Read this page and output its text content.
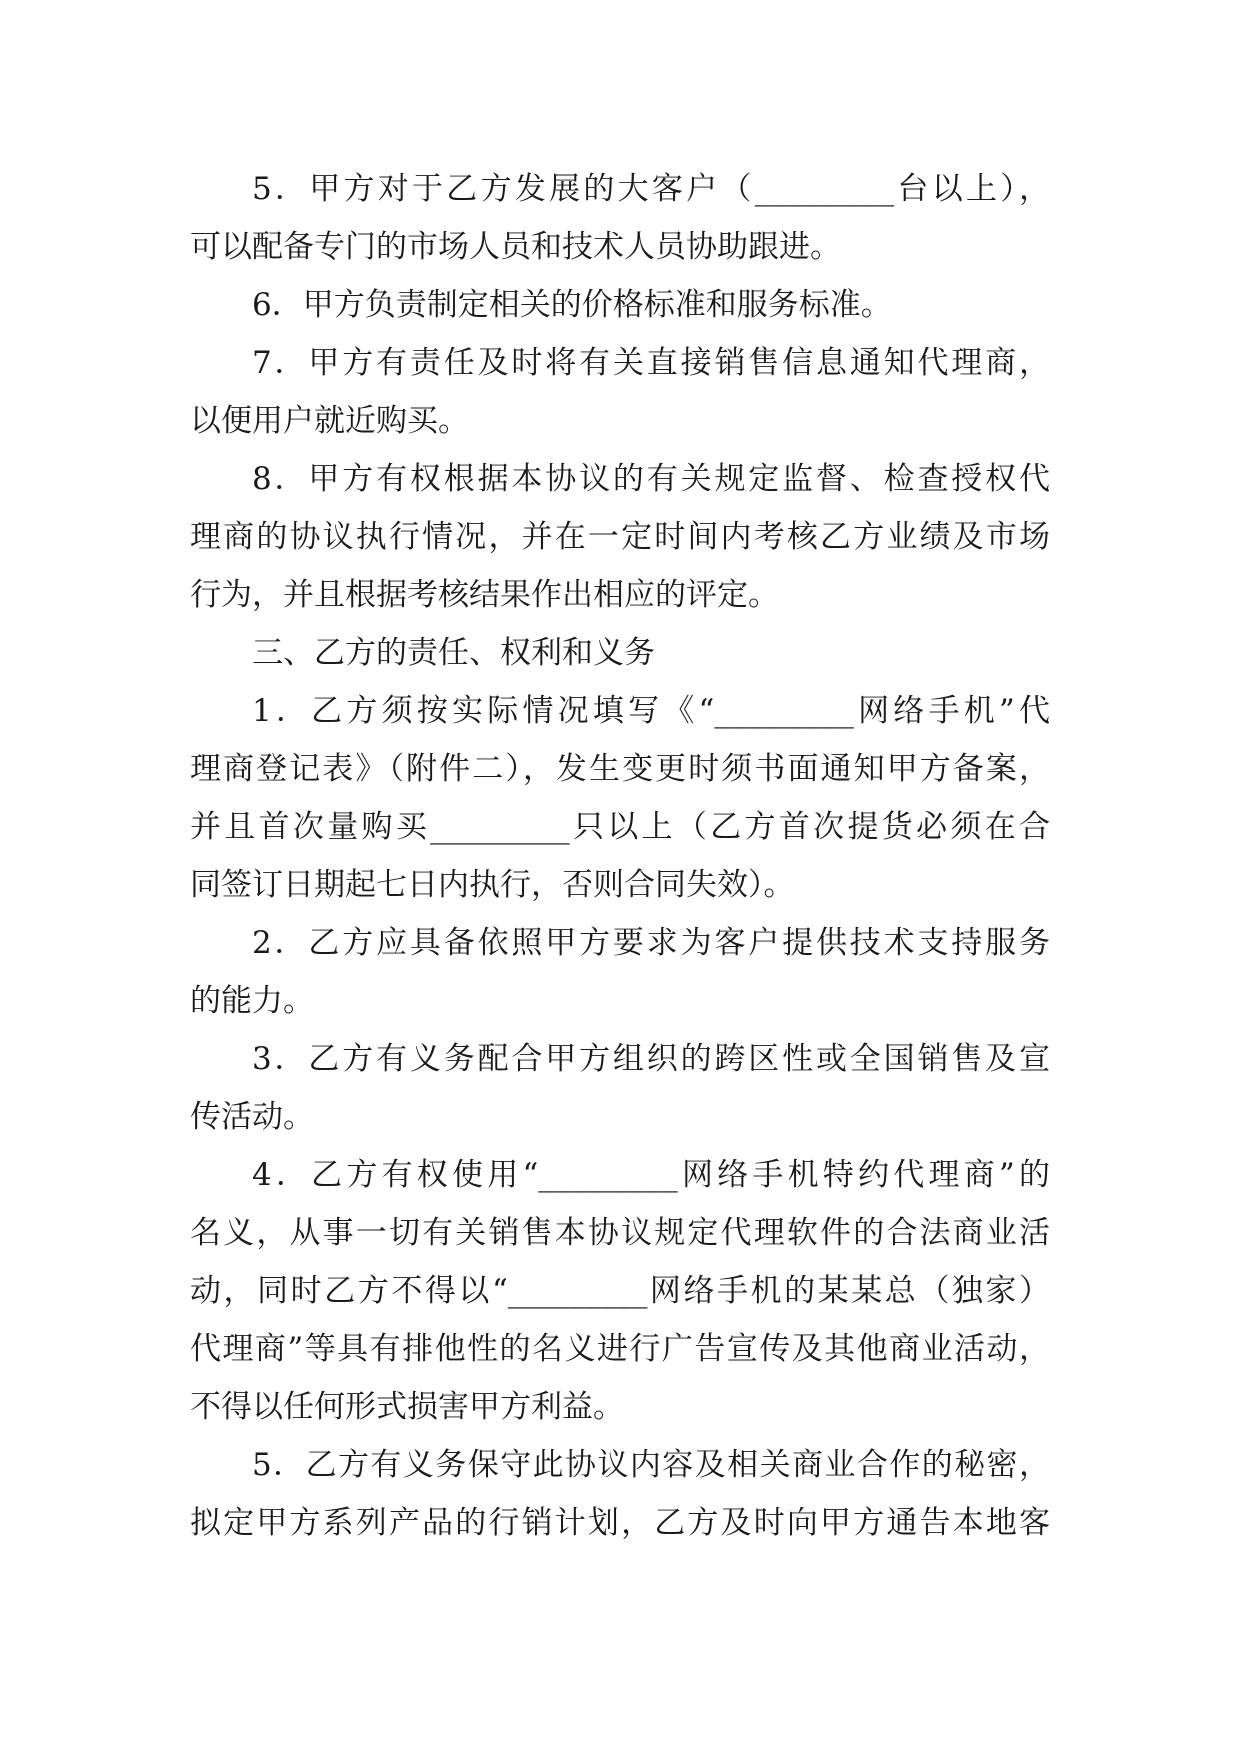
5．甲方对于乙方发展的大客户（_________台以上），
可以配备专门的市场人员和技术人员协助跟进。
6．甲方负责制定相关的价格标准和服务标准。
7．甲方有责任及时将有关直接销售信息通知代理商，
以便用户就近购买。
8．甲方有权根据本协议的有关规定监督、检查授权代
理商的协议执行情况，并在一定时间内考核乙方业绩及市场
行为，并且根据考核结果作出相应的评定。
三、乙方的责任、权利和义务
1．乙方须按实际情况填写《“_________网络手机”代
理商登记表》（附件二），发生变更时须书面通知甲方备案，
并且首次量购买_________只以上（乙方首次提货必须在合
同签订日期起七日内执行，否则合同失效）。
2．乙方应具备依照甲方要求为客户提供技术支持服务
的能力。
3．乙方有义务配合甲方组织的跨区性或全国销售及宣
传活动。
4．乙方有权使用“_________网络手机特约代理商”的
名义，从事一切有关销售本协议规定代理软件的合法商业活
动，同时乙方不得以“_________网络手机的某某总（独家）
代理商”等具有排他性的名义进行广告宣传及其他商业活动，
不得以任何形式损害甲方利益。
5．乙方有义务保守此协议内容及相关商业合作的秘密，
拟定甲方系列产品的行销计划，乙方及时向甲方通告本地客
